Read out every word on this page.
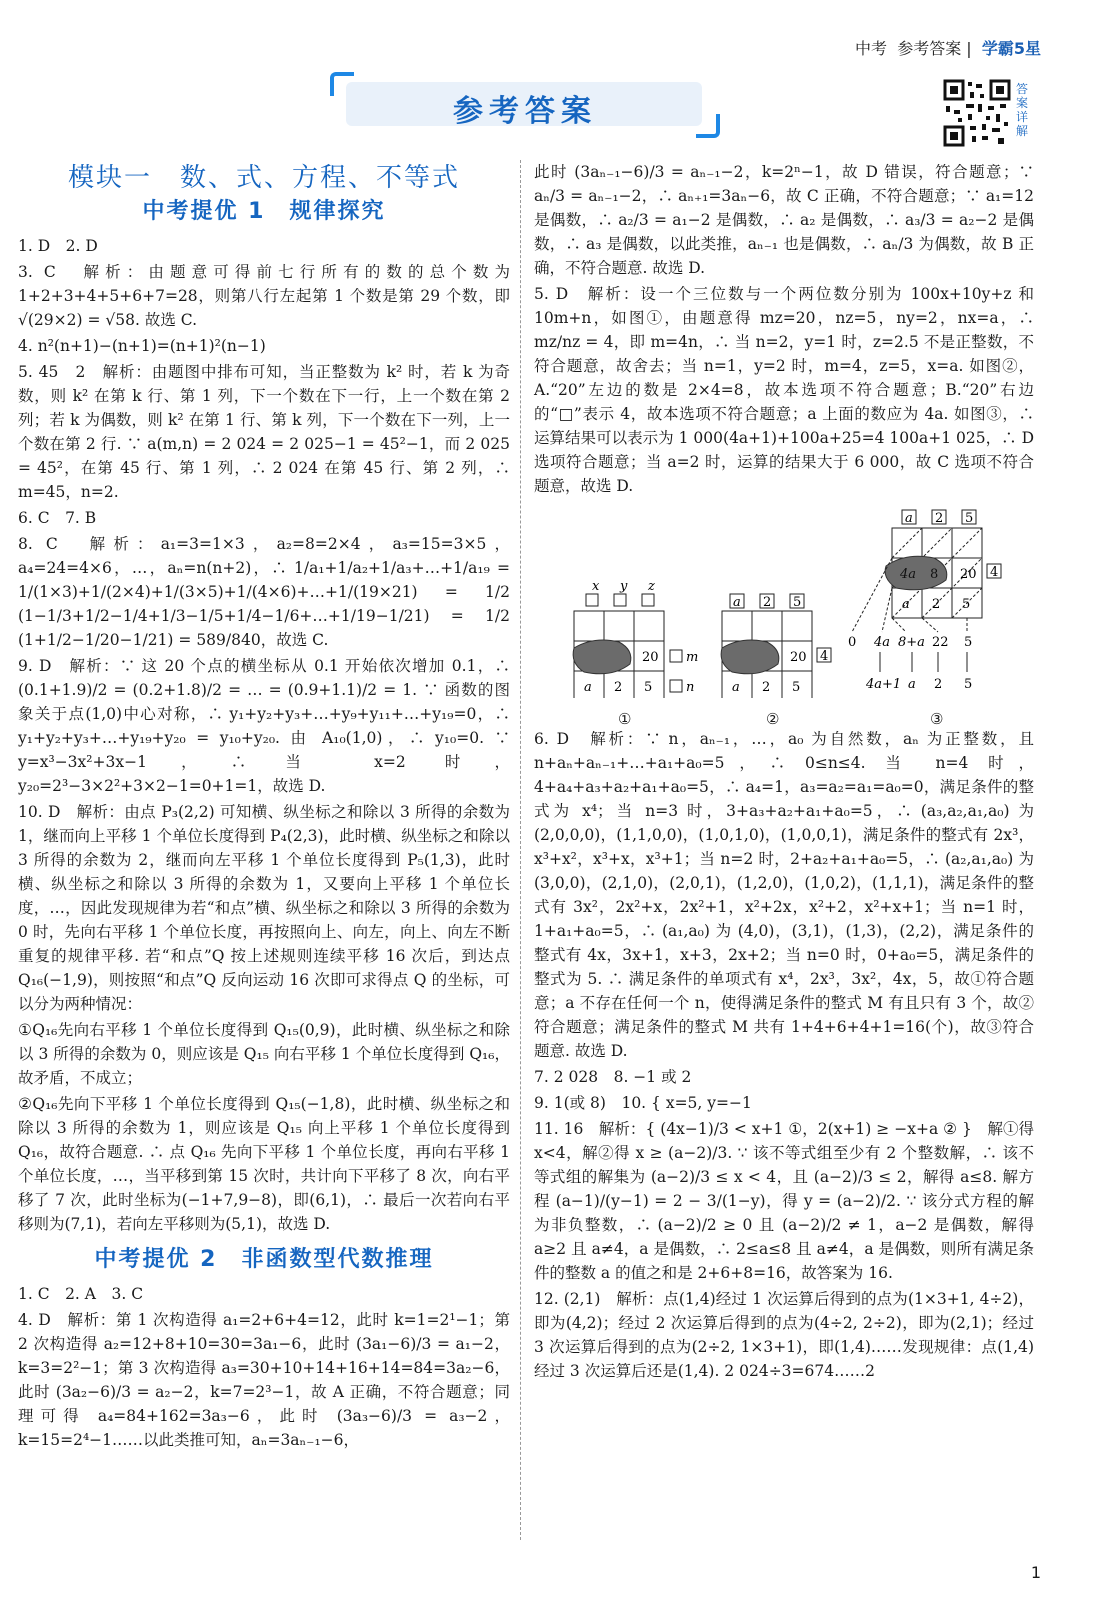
中考 参考答案 |  学霸5星
参考答案
答案详解
模块一　数、式、方程、不等式
中考提优 1　规律探究

1. D　2. D

3. C　解析：由题意可得前七行所有的数的总个数为 1+2+3+4+5+6+7=28，则第八行左起第 1 个数是第 29 个数，即 √(29×2) = √58. 故选 C.

4. n²(n+1)−(n+1)=(n+1)²(n−1)

5. 45　2　解析：由题图中排布可知，当正整数为 k² 时，若 k 为奇数，则 k² 在第 k 行、第 1 列，下一个数在下一行，上一个数在第 2 列；若 k 为偶数，则 k² 在第 1 行、第 k 列，下一个数在下一列，上一个数在第 2 行. ∵ a(m,n) = 2 024 = 2 025−1 = 45²−1，而 2 025 = 45²，在第 45 行、第 1 列，∴ 2 024 在第 45 行、第 2 列，∴ m=45，n=2.

6. C　7. B

8. C　解析：a₁=3=1×3，a₂=8=2×4，a₃=15=3×5，a₄=24=4×6，…，aₙ=n(n+2)，∴ 1/a₁+1/a₂+1/a₃+…+1/a₁₉ = 1/(1×3)+1/(2×4)+1/(3×5)+1/(4×6)+…+1/(19×21) = 1/2 (1−1/3+1/2−1/4+1/3−1/5+1/4−1/6+…+1/19−1/21) = 1/2 (1+1/2−1/20−1/21) = 589/840，故选 C.

9. D　解析：∵ 这 20 个点的横坐标从 0.1 开始依次增加 0.1，∴ (0.1+1.9)/2 = (0.2+1.8)/2 = … = (0.9+1.1)/2 = 1. ∵ 函数的图象关于点(1,0)中心对称，∴ y₁+y₂+y₃+…+y₉+y₁₁+…+y₁₉=0，∴ y₁+y₂+y₃+…+y₁₉+y₂₀ = y₁₀+y₂₀. 由 A₁₀(1,0)，∴ y₁₀=0. ∵ y=x³−3x²+3x−1，∴ 当 x=2 时，y₂₀=2³−3×2²+3×2−1=0+1=1，故选 D.

10. D　解析：由点 P₃(2,2) 可知横、纵坐标之和除以 3 所得的余数为 1，继而向上平移 1 个单位长度得到 P₄(2,3)，此时横、纵坐标之和除以 3 所得的余数为 2，继而向左平移 1 个单位长度得到 P₅(1,3)，此时横、纵坐标之和除以 3 所得的余数为 1，又要向上平移 1 个单位长度，…，因此发现规律为若“和点”横、纵坐标之和除以 3 所得的余数为 0 时，先向右平移 1 个单位长度，再按照向上、向左，向上、向左不断重复的规律平移. 若“和点”Q 按上述规则连续平移 16 次后，到达点 Q₁₆(−1,9)，则按照“和点”Q 反向运动 16 次即可求得点 Q 的坐标，可以分为两种情况：

①Q₁₆先向右平移 1 个单位长度得到 Q₁₅(0,9)，此时横、纵坐标之和除以 3 所得的余数为 0，则应该是 Q₁₅ 向右平移 1 个单位长度得到 Q₁₆，故矛盾，不成立；

②Q₁₆先向下平移 1 个单位长度得到 Q₁₅(−1,8)，此时横、纵坐标之和除以 3 所得的余数为 1，则应该是 Q₁₅ 向上平移 1 个单位长度得到 Q₁₆，故符合题意. ∴ 点 Q₁₆ 先向下平移 1 个单位长度，再向右平移 1 个单位长度，…，当平移到第 15 次时，共计向下平移了 8 次，向右平移了 7 次，此时坐标为(−1+7,9−8)，即(6,1)，∴ 最后一次若向右平移则为(7,1)，若向左平移则为(5,1)，故选 D.

中考提优 2　非函数型代数推理

1. C　2. A　3. C

4. D　解析：第 1 次构造得 a₁=2+6+4=12，此时 k=1=2¹−1；第 2 次构造得 a₂=12+8+10=30=3a₁−6，此时 (3a₁−6)/3 = a₁−2，k=3=2²−1；第 3 次构造得 a₃=30+10+14+16+14=84=3a₂−6，此时 (3a₂−6)/3 = a₂−2，k=7=2³−1，故 A 正确，不符合题意；同理可得 a₄=84+162=3a₃−6，此时 (3a₃−6)/3 = a₃−2，k=15=2⁴−1……以此类推可知，aₙ=3aₙ₋₁−6，

此时 (3aₙ₋₁−6)/3 = aₙ₋₁−2，k=2ⁿ−1，故 D 错误，符合题意；∵ aₙ/3 = aₙ₋₁−2，∴ aₙ₊₁=3aₙ−6，故 C 正确，不符合题意；∵ a₁=12 是偶数，∴ a₂/3 = a₁−2 是偶数，∴ a₂ 是偶数，∴ a₃/3 = a₂−2 是偶数，∴ a₃ 是偶数，以此类推，aₙ₋₁ 也是偶数，∴ aₙ/3 为偶数，故 B 正确，不符合题意. 故选 D.

5. D　解析：设一个三位数与一个两位数分别为 100x+10y+z 和 10m+n，如图①，由题意得 mz=20，nz=5，ny=2，nx=a，∴ mz/nz = 4，即 m=4n，∴ 当 n=2，y=1 时，z=2.5 不是正整数，不符合题意，故舍去；当 n=1，y=2 时，m=4，z=5，x=a. 如图②，A.“20”左边的数是 2×4=8，故本选项不符合题意；B.“20”右边的“□”表示 4，故本选项不符合题意；a 上面的数应为 4a. 如图③，∴ 运算结果可以表示为 1 000(4a+1)+100a+25=4 100a+1 025，∴ D 选项符合题意；当 a=2 时，运算的结果大于 6 000，故 C 选项不符合题意，故选 D.

x y z
20
a 2 5
m
n
a 2 5
20
a 2 5
4
a 2 5
4a 8 20
a 2 5
4
0 4a 8+a 22 5
4a+1 a 2 5
①	②	③

6. D　解析：∵ n，aₙ₋₁，…，a₀ 为自然数，aₙ 为正整数，且 n+aₙ+aₙ₋₁+…+a₁+a₀=5，∴ 0≤n≤4. 当 n=4 时，4+a₄+a₃+a₂+a₁+a₀=5，∴ a₄=1，a₃=a₂=a₁=a₀=0，满足条件的整式为 x⁴；当 n=3 时，3+a₃+a₂+a₁+a₀=5，∴ (a₃,a₂,a₁,a₀) 为 (2,0,0,0)，(1,1,0,0)，(1,0,1,0)，(1,0,0,1)，满足条件的整式有 2x³，x³+x²，x³+x，x³+1；当 n=2 时，2+a₂+a₁+a₀=5，∴ (a₂,a₁,a₀) 为 (3,0,0)，(2,1,0)，(2,0,1)，(1,2,0)，(1,0,2)，(1,1,1)，满足条件的整式有 3x²，2x²+x，2x²+1，x²+2x，x²+2，x²+x+1；当 n=1 时，1+a₁+a₀=5，∴ (a₁,a₀) 为 (4,0)，(3,1)，(1,3)，(2,2)，满足条件的整式有 4x，3x+1，x+3，2x+2；当 n=0 时，0+a₀=5，满足条件的整式为 5. ∴ 满足条件的单项式有 x⁴，2x³，3x²，4x，5，故①符合题意；a 不存在任何一个 n，使得满足条件的整式 M 有且只有 3 个，故②符合题意；满足条件的整式 M 共有 1+4+6+4+1=16(个)，故③符合题意. 故选 D.

7. 2 028　8. −1 或 2

9. 1(或 8)　10. { x=5, y=−1

11. 16　解析：{ (4x−1)/3 < x+1 ①，2(x+1) ≥ −x+a ② }　解①得 x<4，解②得 x ≥ (a−2)/3. ∵ 该不等式组至少有 2 个整数解，∴ 该不等式组的解集为 (a−2)/3 ≤ x < 4，且 (a−2)/3 ≤ 2，解得 a≤8. 解方程 (a−1)/(y−1) = 2 − 3/(1−y)，得 y = (a−2)/2. ∵ 该分式方程的解为非负整数，∴ (a−2)/2 ≥ 0 且 (a−2)/2 ≠ 1，a−2 是偶数，解得 a≥2 且 a≠4，a 是偶数，∴ 2≤a≤8 且 a≠4，a 是偶数，则所有满足条件的整数 a 的值之和是 2+6+8=16，故答案为 16.

12. (2,1)　解析：点(1,4)经过 1 次运算后得到的点为(1×3+1, 4÷2)，即为(4,2)；经过 2 次运算后得到的点为(4÷2, 2÷2)，即为(2,1)；经过 3 次运算后得到的点为(2÷2, 1×3+1)，即(1,4)……发现规律：点(1,4)经过 3 次运算后还是(1,4). 2 024÷3=674……2

1
